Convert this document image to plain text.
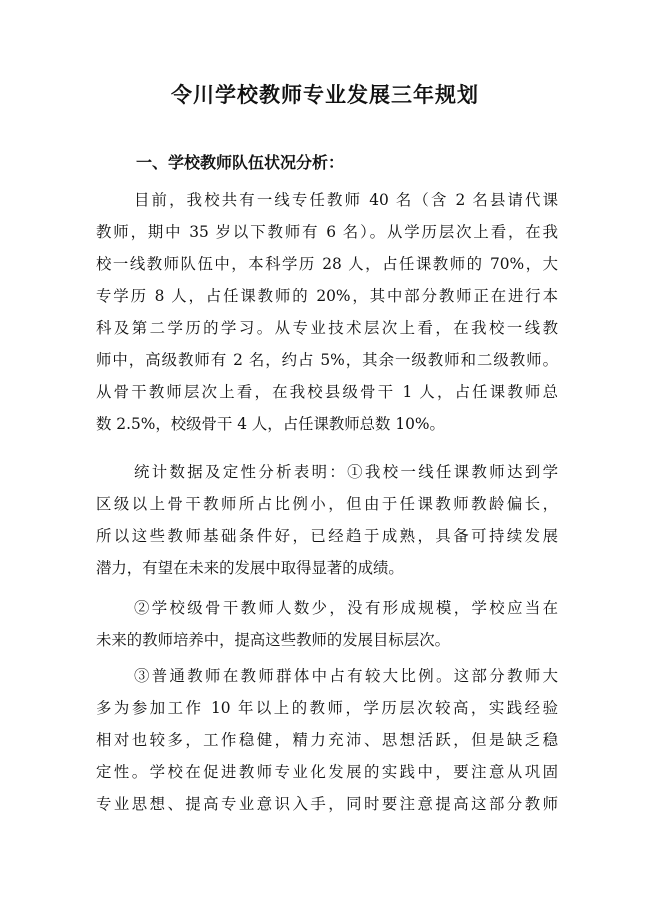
令川学校教师专业发展三年规划
一、学校教师队伍状况分析：
目前，我校共有一线专任教师 40 名（含 2 名县请代课
教师，期中 35 岁以下教师有 6 名）。从学历层次上看，在我
校一线教师队伍中，本科学历 28 人，占任课教师的 70%，大
专学历 8 人，占任课教师的 20%，其中部分教师正在进行本
科及第二学历的学习。从专业技术层次上看，在我校一线教
师中，高级教师有 2 名，约占 5%，其余一级教师和二级教师。
从骨干教师层次上看，在我校县级骨干 1 人，占任课教师总
数 2.5%，校级骨干 4 人，占任课教师总数 10%。
统计数据及定性分析表明：①我校一线任课教师达到学
区级以上骨干教师所占比例小，但由于任课教师教龄偏长，
所以这些教师基础条件好，已经趋于成熟，具备可持续发展
潜力，有望在未来的发展中取得显著的成绩。
②学校级骨干教师人数少，没有形成规模，学校应当在
未来的教师培养中，提高这些教师的发展目标层次。
③普通教师在教师群体中占有较大比例。这部分教师大
多为参加工作 10 年以上的教师，学历层次较高，实践经验
相对也较多，工作稳健，精力充沛、思想活跃，但是缺乏稳
定性。学校在促进教师专业化发展的实践中，要注意从巩固
专业思想、提高专业意识入手，同时要注意提高这部分教师
